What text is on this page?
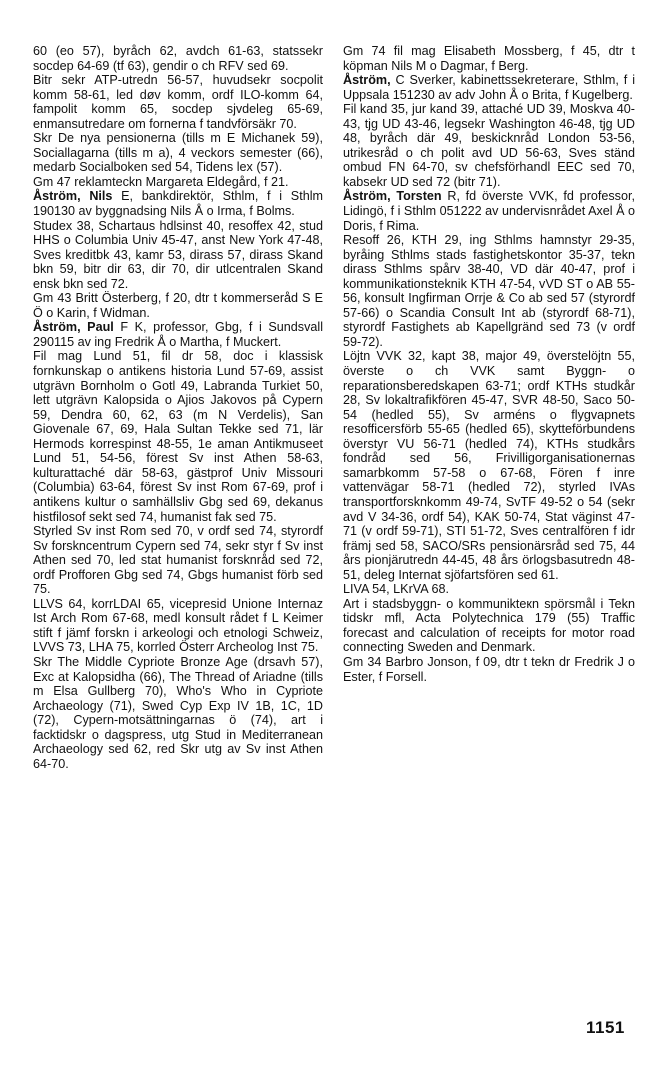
60 (eo 57), byråch 62, avdch 61-63, statssekr socdep 64-69 (tf 63), gendir o ch RFV sed 69.

Bitr sekr ATP-utredn 56-57, huvudsekr socpolit komm 58-61, led døv komm, ordf ILO-komm 64, fampolit komm 65, socdep sjvdeleg 65-69, enmansutredare om fornerna f tandvförsäkr 70.

Skr De nya pensionerna (tills m E Michanek 59), Sociallagarna (tills m a), 4 veckors semester (66), medarb Socialboken sed 54, Tidens lex (57).

Gm 47 reklamteckn Margareta Eldegård, f 21.

Åström, Nils E, bankdirektör, Sthlm, f i Sthlm 190130 av byggnadsing Nils Å o Irma, f Bolms.

Studex 38, Schartaus hdlsinst 40, resoffex 42, stud HHS o Columbia Univ 45-47, anst New York 47-48, Sves kreditbk 43, kamr 53, dirass 57, dirass Skand bkn 59, bitr dir 63, dir 70, dir utlcentralen Skand ensk bkn sed 72.

Gm 43 Britt Österberg, f 20, dtr t kommerseråd S E Ö o Karin, f Widman.

Åström, Paul F K, professor, Gbg, f i Sundsvall 290115 av ing Fredrik Å o Martha, f Muckert.

Fil mag Lund 51, fil dr 58, doc i klassisk fornkunskap o antikens historia Lund 57-69, assist utgrävn Bornholm o Gotl 49, Labranda Turkiet 50, lett utgrävn Kalopsida o Ajios Jakovos på Cypern 59, Dendra 60, 62, 63 (m N Verdelis), San Giovenale 67, 69, Hala Sultan Tekke sed 71, lär Hermods korrespinst 48-55, 1e aman Antikmuseet Lund 51, 54-56, förest Sv inst Athen 58-63, kulturattaché där 58-63, gästprof Univ Missouri (Columbia) 63-64, förest Sv inst Rom 67-69, prof i antikens kultur o samhällsliv Gbg sed 69, dekanus histfilosof sekt sed 74, humanist fak sed 75.

Styrled Sv inst Rom sed 70, v ordf sed 74, styrordf Sv forskncentrum Cypern sed 74, sekr styr f Sv inst Athen sed 70, led stat humanist forsknråd sed 72, ordf Profforen Gbg sed 74, Gbgs humanist förb sed 75.

LLVS 64, korrLDAI 65, vicepresid Unione Internaz Ist Arch Rom 67-68, medl konsult rådet f L Keimer stift f jämf forskn i arkeologi och etnologi Schweiz, LVVS 73, LHA 75, korrled Österr Archeolog Inst 75.

Skr The Middle Cypriote Bronze Age (drsavh 57), Exc at Kalopsidha (66), The Thread of Ariadne (tills m Elsa Gullberg 70), Who's Who in Cypriote Archaeology (71), Swed Cyp Exp IV 1B, 1C, 1D (72), Cypern-motsättningarnas ö (74), art i facktidskr o dagspress, utg Stud in Mediterranean Archaeology sed 62, red Skr utg av Sv inst Athen 64-70.

Gm 74 fil mag Elisabeth Mossberg, f 45, dtr t köpman Nils M o Dagmar, f Berg.

Åström, C Sverker, kabinettssekreterare, Sthlm, f i Uppsala 151230 av adv John Å o Brita, f Kugelberg.

Fil kand 35, jur kand 39, attaché UD 39, Moskva 40-43, tjg UD 43-46, legsekr Washington 46-48, tjg UD 48, byråch där 49, beskicknråd London 53-56, utrikesråd o ch polit avd UD 56-63, Sves ständ ombud FN 64-70, sv chefsförhandl EEC sed 70, kabsekr UD sed 72 (bitr 71).

Åström, Torsten R, fd överste VVK, fd professor, Lidingö, f i Sthlm 051222 av undervisnrådet Axel Å o Doris, f Rima.

Resoff 26, KTH 29, ing Sthlms hamnstyr 29-35, byråing Sthlms stads fastighetskontor 35-37, tekn dirass Sthlms spårv 38-40, VD där 40-47, prof i kommunikationsteknik KTH 47-54, vVD ST o AB 55-56, konsult Ingfirman Orrje & Co ab sed 57 (styrordf 57-66) o Scandia Consult Int ab (styrordf 68-71), styrordf Fastighets ab Kapellgränd sed 73 (v ordf 59-72).

Löjtn VVK 32, kapt 38, major 49, överstelöjtn 55, överste o ch VVK samt Byggn- o reparationsberedskapen 63-71; ordf KTHs studkår 28, Sv lokaltrafikfören 45-47, SVR 48-50, Saco 50-54 (hedled 55), Sv arméns o flygvapnets resofficersförb 55-65 (hedled 65), skytteförbundens överstyr VU 56-71 (hedled 74), KTHs studkårs fondråd sed 56, Frivilligorganisationernas samarbkomm 57-58 o 67-68, Fören f inre vattenvägar 58-71 (hedled 72), styrled IVAs transportforsknkomm 49-74, SvTF 49-52 o 54 (sekr avd V 34-36, ordf 54), KAK 50-74, Stat väginst 47-71 (v ordf 59-71), STI 51-72, Sves centralfören f idr främj sed 58, SACO/SRs pensionärsråd sed 75, 44 års pionjärutredn 44-45, 48 års örlogsbasutredn 48-51, deleg Internat sjöfartsfören sed 61.

LIVA 54, LKrVA 68.

Art i stadsbyggn- o kommunikteкn spörsmål i Tekn tidskr mfl, Acta Polytechnica 179 (55) Traffic forecast and calculation of receipts for motor road connecting Sweden and Denmark.

Gm 34 Barbro Jonson, f 09, dtr t tekn dr Fredrik J o Ester, f Forsell.

1151
